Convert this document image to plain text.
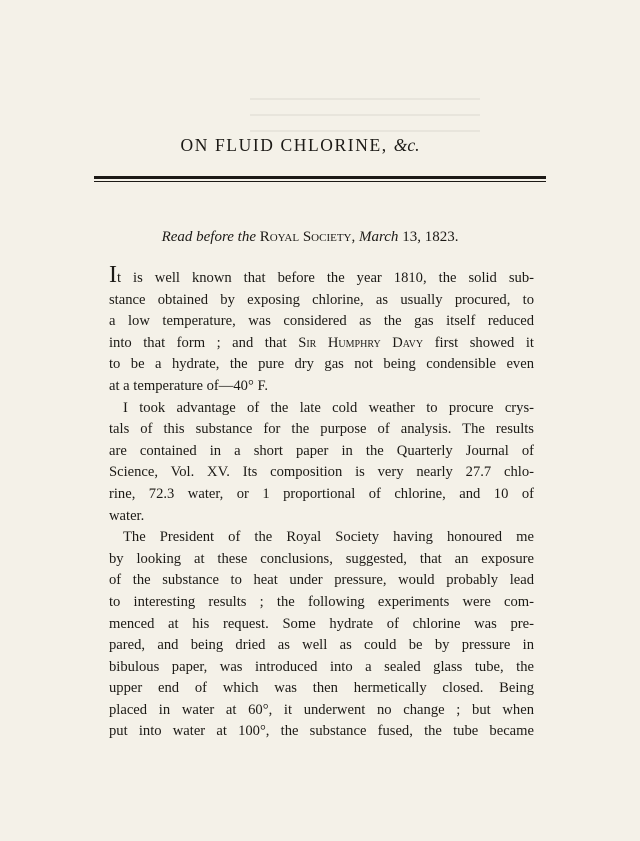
ON FLUID CHLORINE, &c.

Read before the Royal Society, March 13, 1823.

It is well known that before the year 1810, the solid sub-

stance obtained by exposing chlorine, as usually procured, to

a low temperature, was considered as the gas itself reduced

into that form ; and that Sir Humphry Davy first showed it

to be a hydrate, the pure dry gas not being condensible even

at a temperature of—40° F.

I took advantage of the late cold weather to procure crys-

tals of this substance for the purpose of analysis. The results

are contained in a short paper in the Quarterly Journal of

Science, Vol. XV. Its composition is very nearly 27.7 chlo-

rine, 72.3 water, or 1 proportional of chlorine, and 10 of

water.

The President of the Royal Society having honoured me

by looking at these conclusions, suggested, that an exposure

of the substance to heat under pressure, would probably lead

to interesting results ; the following experiments were com-

menced at his request. Some hydrate of chlorine was pre-

pared, and being dried as well as could be by pressure in

bibulous paper, was introduced into a sealed glass tube, the

upper end of which was then hermetically closed. Being

placed in water at 60°, it underwent no change ; but when

put into water at 100°, the substance fused, the tube became
